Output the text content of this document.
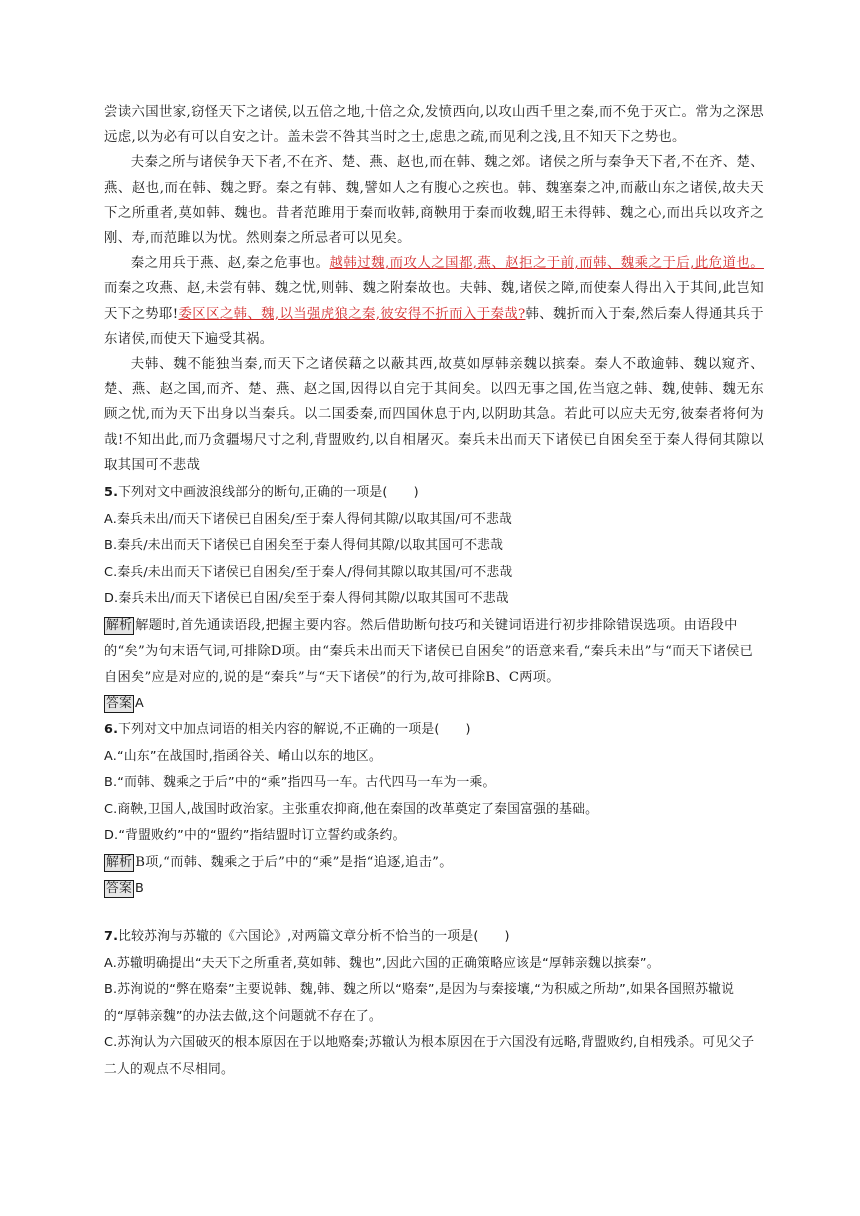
尝读六国世家,窃怪天下之诸侯,以五倍之地,十倍之众,发愤西向,以攻山西千里之秦,而不免于灭亡。常为之深思远虑,以为必有可以自安之计。盖未尝不咎其当时之士,虑患之疏,而见利之浅,且不知天下之势也。

夫秦之所与诸侯争天下者,不在齐、楚、燕、赵也,而在韩、魏之郊。诸侯之所与秦争天下者,不在齐、楚、燕、赵也,而在韩、魏之野。秦之有韩、魏,譬如人之有腹心之疾也。韩、魏塞秦之冲,而蔽山东之诸侯,故夫天下之所重者,莫如韩、魏也。昔者范雎用于秦而收韩,商鞅用于秦而收魏,昭王未得韩、魏之心,而出兵以攻齐之刚、寿,而范雎以为忧。然则秦之所忌者可以见矣。

秦之用兵于燕、赵,秦之危事也。越韩过魏,而攻人之国都,燕、赵拒之于前,而韩、魏乘之于后,此危道也。而秦之攻燕、赵,未尝有韩、魏之忧,则韩、魏之附秦故也。夫韩、魏,诸侯之障,而使秦人得出入于其间,此岂知天下之势耶!委区区之韩、魏,以当强虎狼之秦,彼安得不折而入于秦哉?韩、魏折而入于秦,然后秦人得通其兵于东诸侯,而使天下遍受其祸。

夫韩、魏不能独当秦,而天下之诸侯藉之以蔽其西,故莫如厚韩亲魏以摈秦。秦人不敢逾韩、魏以窥齐、楚、燕、赵之国,而齐、楚、燕、赵之国,因得以自完于其间矣。以四无事之国,佐当寇之韩、魏,使韩、魏无东顾之忧,而为天下出身以当秦兵。以二国委秦,而四国休息于内,以阴助其急。若此可以应夫无穷,彼秦者将何为哉!不知出此,而乃贪疆埸尺寸之利,背盟败约,以自相屠灭。秦兵未出而天下诸侯已自困矣至于秦人得伺其隙以取其国可不悲哉

5.下列对文中画波浪线部分的断句,正确的一项是(　　)

A.秦兵未出/而天下诸侯已自困矣/至于秦人得伺其隙/以取其国/可不悲哉

B.秦兵/未出而天下诸侯已自困矣至于秦人得伺其隙/以取其国可不悲哉

C.秦兵/未出而天下诸侯已自困矣/至于秦人/得伺其隙以取其国/可不悲哉

D.秦兵未出/而天下诸侯已自困/矣至于秦人得伺其隙/以取其国可不悲哉

解析 解题时,首先通读语段,把握主要内容。然后借助断句技巧和关键词语进行初步排除错误选项。由语段中的“矣”为句末语气词,可排除D项。由“秦兵未出而天下诸侯已自困矣”的语意来看,“秦兵未出”与“而天下诸侯已自困矣”应是对应的,说的是“秦兵”与“天下诸侯”的行为,故可排除B、C两项。

答案 A

6.下列对文中加点词语的相关内容的解说,不正确的一项是(　　)

A.“山东”在战国时,指函谷关、崤山以东的地区。

B.“而韩、魏乘之于后”中的“乘”指四马一车。古代四马一车为一乘。

C.商鞅,卫国人,战国时政治家。主张重农抑商,他在秦国的改革奠定了秦国富强的基础。

D.“背盟败约”中的“盟约”指结盟时订立誓约或条约。

解析 B项,“而韩、魏乘之于后”中的“乘”是指“追逐,追击”。

答案 B

7.比较苏洵与苏辙的《六国论》,对两篇文章分析不恰当的一项是(　　)

A.苏辙明确提出“夫天下之所重者,莫如韩、魏也”,因此六国的正确策略应该是“厚韩亲魏以摈秦”。

B.苏洵说的“弊在赂秦”主要说韩、魏,韩、魏之所以“赂秦”,是因为与秦接壤,“为积威之所劫”,如果各国照苏辙说的“厚韩亲魏”的办法去做,这个问题就不存在了。

C.苏洵认为六国破灭的根本原因在于以地赂秦;苏辙认为根本原因在于六国没有远略,背盟败约,自相残杀。可见父子二人的观点不尽相同。
